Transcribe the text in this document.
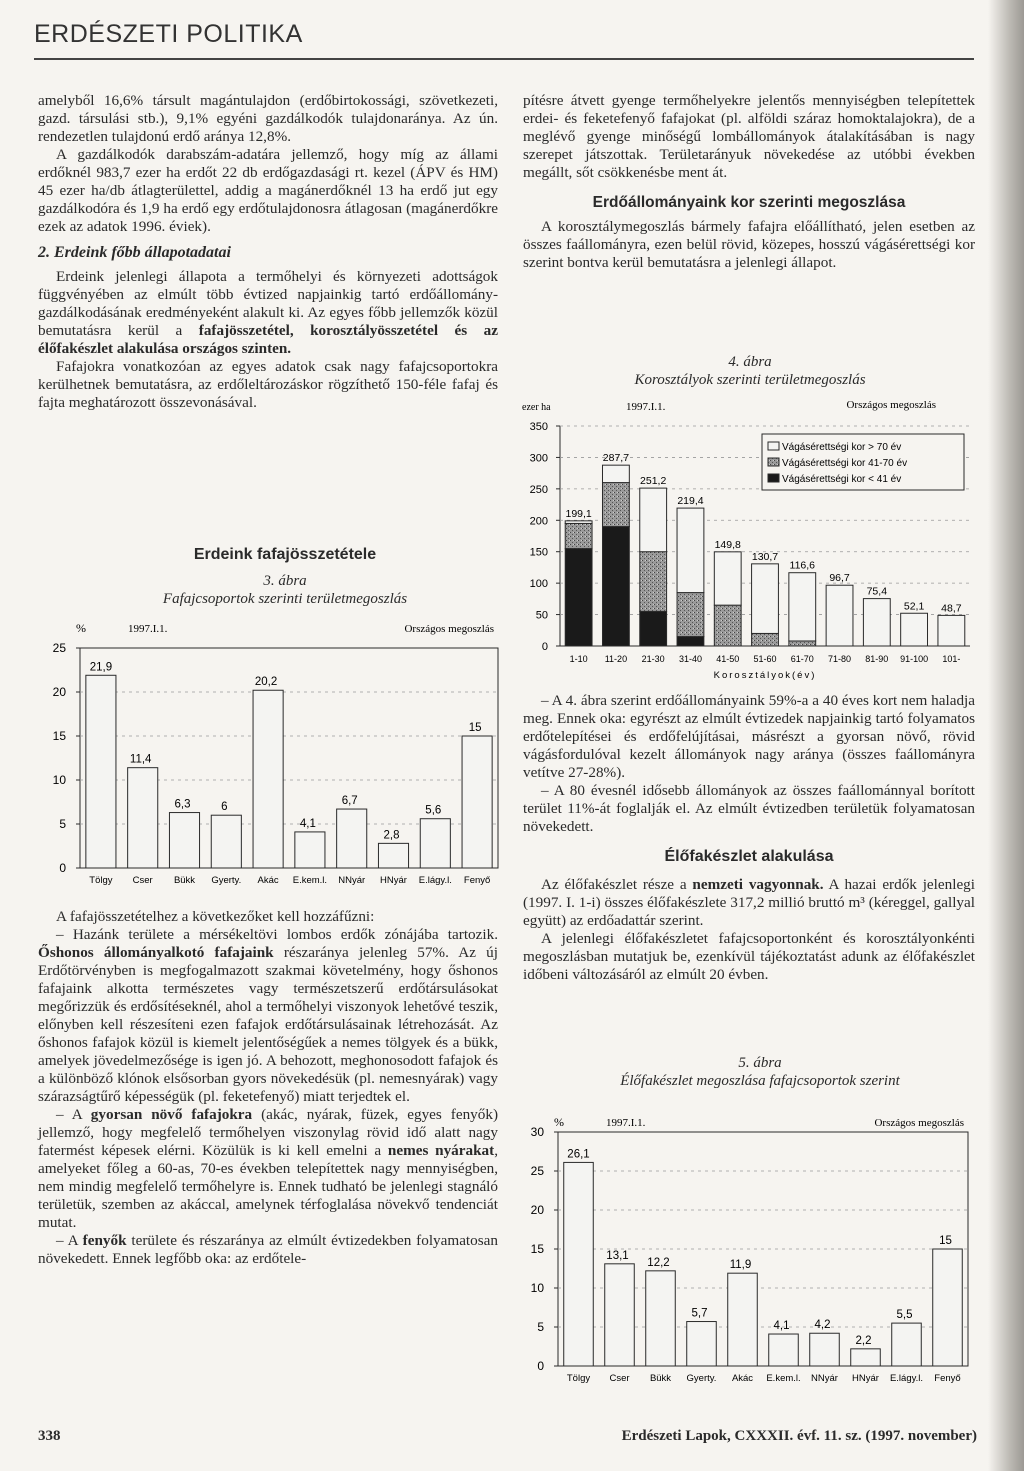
ERDÉSZETI POLITIKA

amelyből 16,6% társult magántulajdon (erdőbirtokossági, szövetkezeti, gazd. társulási stb.), 9,1% egyéni gazdálkodók tulajdonaránya. Az ún. rendezetlen tulajdonú erdő aránya 12,8%.

A gazdálkodók darabszám-adatára jellemző, hogy míg az állami erdőknél 983,7 ezer ha erdőt 22 db erdőgazdasági rt. kezel (ÁPV és HM) 45 ezer ha/db átlagterülettel, addig a magánerdőknél 13 ha erdő jut egy gazdálkodóra és 1,9 ha erdő egy erdőtulajdonosra átlagosan (magánerdőkre ezek az adatok 1996. éviek).

2. Erdeink főbb állapotadatai

Erdeink jelenlegi állapota a termőhelyi és környezeti adottságok függvényében az elmúlt több évtized napjainkig tartó erdőállomány-gazdálkodásának eredményeként alakult ki. Az egyes főbb jellemzők közül bemutatásra kerül a fafajösszetétel, korosztályösszetétel és az élőfakészlet alakulása országos szinten.

Fafajokra vonatkozóan az egyes adatok csak nagy fafajcsoportokra kerülhetnek bemutatásra, az erdőleltározáskor rögzíthető 150-féle fafaj és fajta meghatározott összevonásával.

Erdeink fafajösszetétele

3. ábra

Fafajcsoportok szerinti területmegoszlás

%	1997.I.1.	Országos megoszlás
0
5
10
15
20
25
21,9
Tölgy
11,4
Cser
6,3
Bükk
6
Gyerty.
20,2
Akác
4,1
E.kem.l.
6,7
NNyár
2,8
HNyár
5,6
E.lágy.l.
15
Fenyő

A fafajösszetételhez a következőket kell hozzáfűzni:

– Hazánk területe a mérsékeltövi lombos erdők zónájába tartozik. Őshonos állományalkotó fafajaink részaránya jelenleg 57%. Az új Erdőtörvényben is megfogalmazott szakmai követelmény, hogy őshonos fafajaink alkotta természetes vagy természetszerű erdőtársulásokat megőrizzük és erdősítéseknél, ahol a termőhelyi viszonyok lehetővé teszik, előnyben kell részesíteni ezen fafajok erdőtársulásainak létrehozását. Az őshonos fafajok közül is kiemelt jelentőségűek a nemes tölgyek és a bükk, amelyek jövedelmezősége is igen jó. A behozott, meghonosodott fafajok és a különböző klónok elsősorban gyors növekedésük (pl. nemesnyárak) vagy szárazságtűrő képességük (pl. feketefenyő) miatt terjedtek el.

– A gyorsan növő fafajokra (akác, nyárak, füzek, egyes fenyők) jellemző, hogy megfelelő termőhelyen viszonylag rövid idő alatt nagy fatermést képesek elérni. Közülük is ki kell emelni a nemes nyárakat, amelyeket főleg a 60-as, 70-es években telepítettek nagy mennyiségben, nem mindig megfelelő termőhelyre is. Ennek tudható be jelenlegi stagnáló területük, szemben az akáccal, amelynek térfoglalása növekvő tendenciát mutat.

– A fenyők területe és részaránya az elmúlt évtizedekben folyamatosan növekedett. Ennek legfőbb oka: az erdőtele-

pítésre átvett gyenge termőhelyekre jelentős mennyiségben telepítettek erdei- és feketefenyő fafajokat (pl. alföldi száraz homoktalajokra), de a meglévő gyenge minőségű lombállományok átalakításában is nagy szerepet játszottak. Területarányuk növekedése az utóbbi években megállt, sőt csökkenésbe ment át.

Erdőállományaink kor szerinti megoszlása

A korosztálymegoszlás bármely fafajra előállítható, jelen esetben az összes faállományra, ezen belül rövid, közepes, hosszú vágásérettségi kor szerint bontva kerül bemutatásra a jelenlegi állapot.

4. ábra

Korosztályok szerinti területmegoszlás

ezer ha	1997.I.1.	Országos megoszlás
0
50
100
150
200
250
300
350
199,1
1-10
287,7
11-20
251,2
21-30
219,4
31-40
149,8
41-50
130,7
51-60
116,6
61-70
96,7
71-80
75,4
81-90
52,1
91-100
48,7
101-
Korosztályok(év)
Vágásérettségi kor > 70 év
Vágásérettségi kor 41-70 év
Vágásérettségi kor < 41 év

– A 4. ábra szerint erdőállományaink 59%-a a 40 éves kort nem haladja meg. Ennek oka: egyrészt az elmúlt évtizedek napjainkig tartó folyamatos erdőtelepítései és erdőfelújításai, másrészt a gyorsan növő, rövid vágásfordulóval kezelt állományok nagy aránya (összes faállományra vetítve 27-28%).

– A 80 évesnél idősebb állományok az összes faállománnyal borított terület 11%-át foglalják el. Az elmúlt évtizedben területük folyamatosan növekedett.

Élőfakészlet alakulása

Az élőfakészlet része a nemzeti vagyonnak. A hazai erdők jelenlegi (1997. I. 1-i) összes élőfakészlete 317,2 millió bruttó m³ (kéreggel, gallyal együtt) az erdőadattár szerint.

A jelenlegi élőfakészletet fafajcsoportonként és korosztályonkénti megoszlásban mutatjuk be, ezenkívül tájékoztatást adunk az élőfakészlet időbeni változásáról az elmúlt 20 évben.

5. ábra

Élőfakészlet megoszlása fafajcsoportok szerint

%	1997.I.1.	Országos megoszlás
0
5
10
15
20
25
30
26,1
Tölgy
13,1
Cser
12,2
Bükk
5,7
Gyerty.
11,9
Akác
4,1
E.kem.l.
4,2
NNyár
2,2
HNyár
5,5
E.lágy.l.
15
Fenyő
338	Erdészeti Lapok, CXXXII. évf. 11. sz. (1997. november)
